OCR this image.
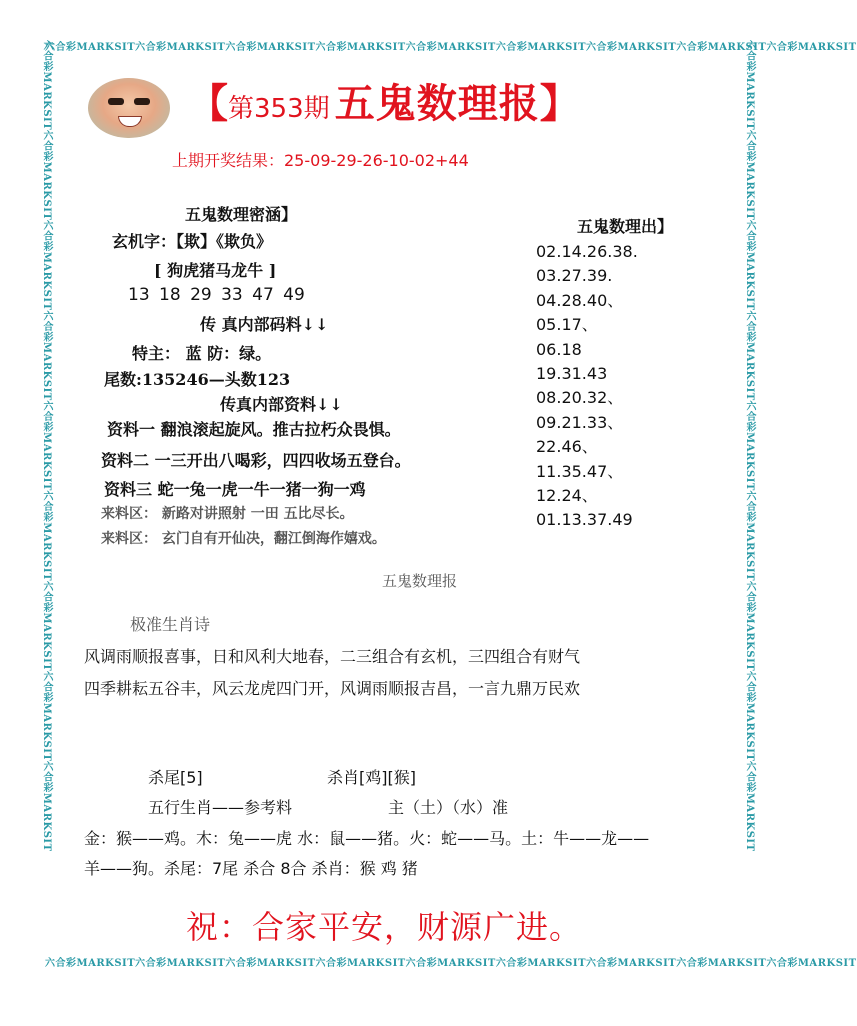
六合彩MARKSIT六合彩MARKSIT六合彩MARKSIT六合彩MARKSIT六合彩MARKSIT六合彩MARKSIT六合彩MARKSIT六合彩MARKSIT六合彩MARKSIT
六合彩MARKSIT六合彩MARKSIT六合彩MARKSIT六合彩MARKSIT六合彩MARKSIT六合彩MARKSIT六合彩MARKSIT六合彩MARKSIT六合彩MARKSIT
六合彩MARKSIT六合彩MARKSIT六合彩MARKSIT六合彩MARKSIT六合彩MARKSIT六合彩MARKSIT六合彩MARKSIT六合彩MARKSIT六合彩MARKSIT	六合彩MARKSIT六合彩MARKSIT六合彩MARKSIT六合彩MARKSIT六合彩MARKSIT六合彩MARKSIT六合彩MARKSIT六合彩MARKSIT六合彩MARKSIT
【第353期 五鬼数理报】
上期开奖结果：25-09-29-26-10-02+44
五鬼数理密涵】
玄机字：【欺】《欺负》
[ 狗虎猪马龙牛 ]
13 18 29 33 47 49
传 真内部码料↓↓
特主： 蓝 防：绿。
尾数:135246—头数123
传真内部资料↓↓
资料一 翻浪滚起旋风。推古拉朽众畏惧。
资料二 一三开出八喝彩，四四收场五登台。
资料三 蛇一兔一虎一牛一猪一狗一鸡
来料区： 新路对讲照射 一田 五比尽长。
来料区： 玄门自有开仙决，翻江倒海作嬉戏。
五鬼数理出】
02.14.26.38.
03.27.39.
04.28.40、
05.17、
06.18
19.31.43
08.20.32、
09.21.33、
22.46、
11.35.47、
12.24、
01.13.37.49
五鬼数理报
极准生肖诗
风调雨顺报喜事，日和风利大地春，二三组合有玄机，三四组合有财气
四季耕耘五谷丰，风云龙虎四门开，风调雨顺报吉昌，一言九鼎万民欢
杀尾[5]	杀肖[鸡][猴]
五行生肖——参考料	主（土）（水）准
金：猴——鸡。木：兔——虎 水：鼠——猪。火：蛇——马。土：牛——龙——
羊——狗。杀尾：7尾 杀合 8合 杀肖：猴 鸡 猪
祝：合家平安，财源广进。
